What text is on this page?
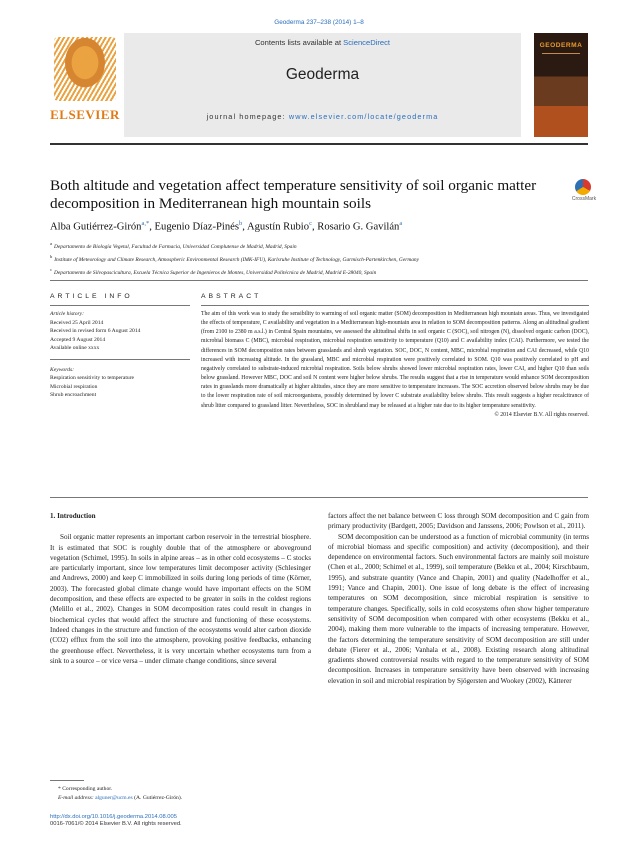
Geoderma 237–238 (2014) 1–8
ELSEVIER
Contents lists available at ScienceDirect
Geoderma
journal homepage: www.elsevier.com/locate/geoderma
GEODERMA
Both altitude and vegetation affect temperature sensitivity of soil organic matter decomposition in Mediterranean high mountain soils	CrossMark
Alba Gutiérrez-Girón$^{a,*}$, Eugenio Díaz-Pinés$^b$, Agustín Rubio$^c$, Rosario G. Gavilán$^a$
$^a$Departamento de Biología Vegetal, Facultad de Farmacia, Universidad Complutense de Madrid, Madrid, Spain
$^b$Institute of Meteorology and Climate Research, Atmospheric Environmental Research (IMK-IFU), Karlsruhe Institute of Technology, Garmisch-Partenkirchen, Germany
$^c$Departamento de Silvopascicultura, Escuela Técnica Superior de Ingenieros de Montes, Universidad Politécnica de Madrid, Madrid E-28040, Spain
ARTICLE INFO	ABSTRACT
Article history:
Received 25 April 2014
Received in revised form 6 August 2014
Accepted 9 August 2014
Available online xxxx
Keywords:
Respiration sensitivity to temperature
Microbial respiration
Shrub encroachment
The aim of this work was to study the sensibility to warming of soil organic matter (SOM) decomposition in Mediterranean high mountain areas. Thus, we investigated the effects of temperature, C availability and vegetation in a Mediterranean high-mountain area in relation to SOM decomposition patterns. Along an altitudinal gradient (from 2100 to 2380 m a.s.l.) in Central Spain mountains, we assessed the altitudinal shifts in soil organic C (SOC), soil nitrogen (N), dissolved organic carbon (DOC), microbial biomass C (MBC), microbial respiration, microbial respiration sensitivity to temperature (Q10) and C availability index (CAI). Furthermore, we tested the differences in SOM decomposition rates between grasslands and shrub vegetation. SOC, DOC, N content, MBC, microbial respiration and CAI decreased, while Q10 increased with increasing altitude. In the grassland, MBC and microbial respiration were positively correlated to SOM. Q10 was positively correlated to pH and negatively correlated to substrate-induced microbial respiration. Soils below shrubs showed lower microbial respiration rates, lower CAI, and higher Q10 than soils below grassland. However MBC, DOC and soil N content were higher below shrubs. The results suggest that a rise in temperature would enhance SOM decomposition rates in grasslands more dramatically at higher altitudes, since they are more sensitive to temperature increases. The SOC accretion observed below shrubs may be due to the lower respiration rate of soil microorganisms, possibly determined by lower C substrate availability below shrubs. This result suggests a higher recalcitrance of shrub litter compared to grassland litter. Nevertheless, SOC in shrubland may be released at a higher rate due to its higher temperature sensitivity.
© 2014 Elsevier B.V. All rights reserved.
1. Introduction

Soil organic matter represents an important carbon reservoir in the terrestrial biosphere. It is estimated that SOC is roughly double that of the atmosphere or aboveground vegetation (Schimel, 1995). In soils in alpine areas – as in other cold ecosystems – C stocks are particularly important, since low temperatures limit decomposer activity (Schlesinger and Andrews, 2000) and keep C immobilized in soils during long periods of time (Körner, 2003). The forecasted global climate change would have important effects on the SOM decomposition, and these effects are expected to be greater in soils in the coldest regions (Melillo et al., 2002). Changes in SOM decomposition rates could result in changes in biochemical cycles that would affect the structure and functioning of these ecosystems. Indeed changes in the structure and function of the ecosystems would alter carbon dioxide (CO2) efflux from the soil into the atmosphere, provoking positive feedbacks, enhancing the greenhouse effect. Nevertheless, it is very uncertain whether ecosystems turn from a sink to a source – or vice versa – under climate change conditions, since several

factors affect the net balance between C loss through SOM decomposition and C gain from primary productivity (Bardgett, 2005; Davidson and Janssens, 2006; Powlson et al., 2011).

SOM decomposition can be understood as a function of microbial community (in terms of microbial biomass and specific composition) and activity (decomposition), and their dependence on environmental factors. Such environmental factors are mainly soil moisture (Chen et al., 2000; Schimel et al., 1999), soil temperature (Bekku et al., 2004; Kirschbaum, 1995), and substrate quantity (Vance and Chapin, 2001) and quality (Nadelhoffer et al., 1991; Vance and Chapin, 2001). One issue of long debate is the effect of increasing temperatures on SOM decomposition, since microbial respiration is sensitive to temperature changes. Specifically, soils in cold ecosystems often show higher temperature sensitivity of SOM decomposition when compared with other ecosystems (Bekku et al., 2004), making them more vulnerable to the impacts of increasing temperature. However, the factors determining the temperature sensitivity of SOM decomposition are still under debate (Fierer et al., 2006; Vanhala et al., 2008). Existing research along altitudinal gradients showed controversial results with regard to the temperature sensitivity of SOM decomposition. Increases in temperature sensitivity have been observed with increasing elevation in soil and microbial respiration by Sjögersten and Wookey (2002), Kätterer

* Corresponding author.
E-mail address: alguner@ucm.es (A. Gutiérrez-Girón).
http://dx.doi.org/10.1016/j.geoderma.2014.08.005
0016-7061/© 2014 Elsevier B.V. All rights reserved.
